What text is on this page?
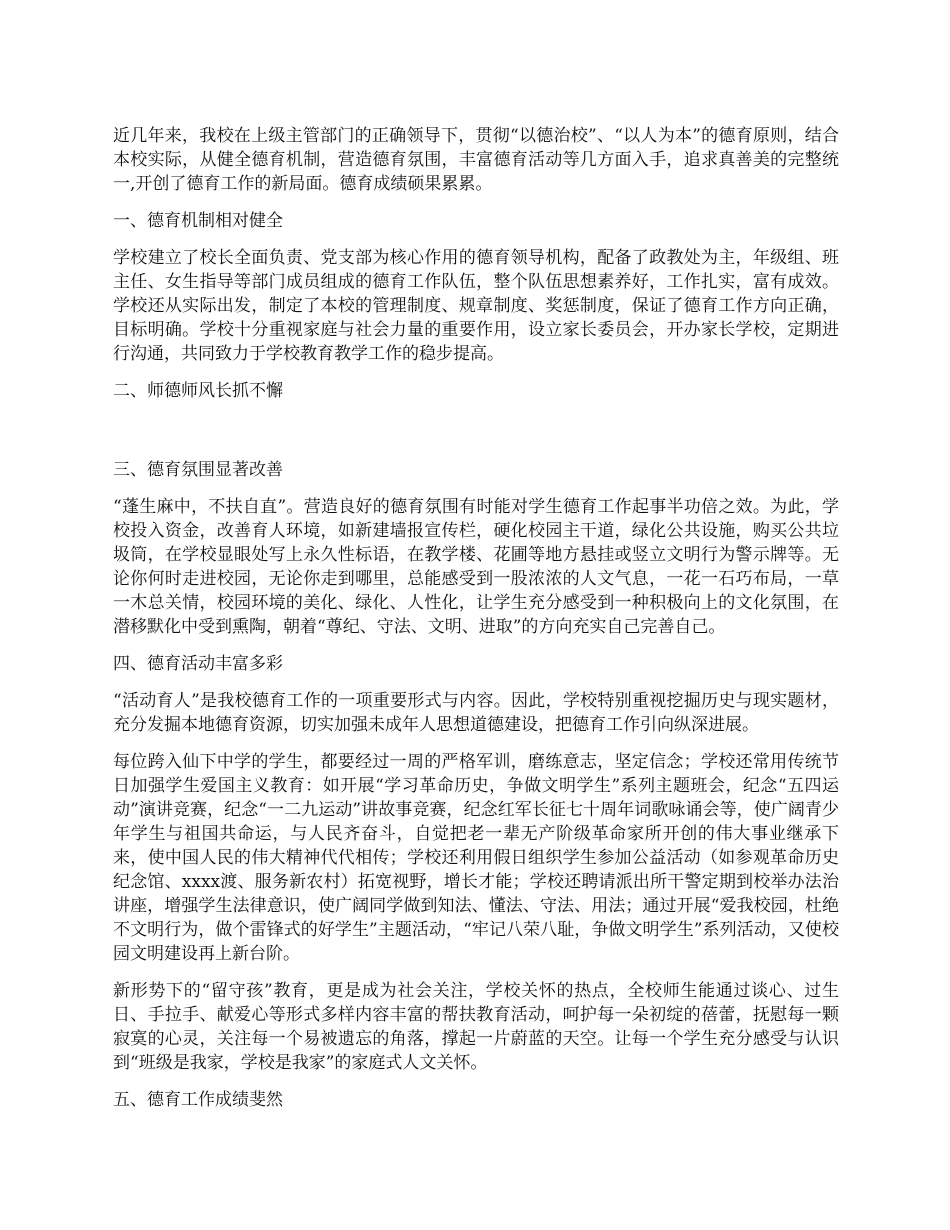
近几年来，我校在上级主管部门的正确领导下，贯彻“以德治校”、“以人为本”的德育原则，结合本校实际，从健全德育机制，营造德育氛围，丰富德育活动等几方面入手，追求真善美的完整统一,开创了德育工作的新局面。德育成绩硕果累累。

一、德育机制相对健全

学校建立了校长全面负责、党支部为核心作用的德育领导机构，配备了政教处为主，年级组、班主任、女生指导等部门成员组成的德育工作队伍，整个队伍思想素养好，工作扎实，富有成效。学校还从实际出发，制定了本校的管理制度、规章制度、奖惩制度，保证了德育工作方向正确，目标明确。学校十分重视家庭与社会力量的重要作用，设立家长委员会，开办家长学校，定期进行沟通，共同致力于学校教育教学工作的稳步提高。

二、师德师风长抓不懈

三、德育氛围显著改善

“蓬生麻中，不扶自直”。营造良好的德育氛围有时能对学生德育工作起事半功倍之效。为此，学校投入资金，改善育人环境，如新建墙报宣传栏，硬化校园主干道，绿化公共设施，购买公共垃圾筒，在学校显眼处写上永久性标语，在教学楼、花圃等地方悬挂或竖立文明行为警示牌等。无论你何时走进校园，无论你走到哪里，总能感受到一股浓浓的人文气息，一花一石巧布局，一草一木总关情，校园环境的美化、绿化、人性化，让学生充分感受到一种积极向上的文化氛围，在潜移默化中受到熏陶，朝着“尊纪、守法、文明、进取”的方向充实自己完善自己。

四、德育活动丰富多彩

“活动育人”是我校德育工作的一项重要形式与内容。因此，学校特别重视挖掘历史与现实题材，充分发掘本地德育资源，切实加强未成年人思想道德建设，把德育工作引向纵深进展。

每位跨入仙下中学的学生，都要经过一周的严格军训，磨练意志，坚定信念；学校还常用传统节日加强学生爱国主义教育：如开展“学习革命历史，争做文明学生”系列主题班会，纪念“五四运动”演讲竞赛，纪念“一二九运动”讲故事竞赛，纪念红军长征七十周年词歌咏诵会等，使广阔青少年学生与祖国共命运，与人民齐奋斗，自觉把老一辈无产阶级革命家所开创的伟大事业继承下来，使中国人民的伟大精神代代相传；学校还利用假日组织学生参加公益活动（如参观革命历史纪念馆、xxxx渡、服务新农村）拓宽视野，增长才能；学校还聘请派出所干警定期到校举办法治讲座，增强学生法律意识，使广阔同学做到知法、懂法、守法、用法；通过开展“爱我校园，杜绝不文明行为，做个雷锋式的好学生”主题活动，“牢记八荣八耻，争做文明学生”系列活动，又使校园文明建设再上新台阶。

新形势下的“留守孩”教育，更是成为社会关注，学校关怀的热点，全校师生能通过谈心、过生日、手拉手、献爱心等形式多样内容丰富的帮扶教育活动，呵护每一朵初绽的蓓蕾，抚慰每一颗寂寞的心灵，关注每一个易被遗忘的角落，撑起一片蔚蓝的天空。让每一个学生充分感受与认识到“班级是我家，学校是我家”的家庭式人文关怀。

五、德育工作成绩斐然
